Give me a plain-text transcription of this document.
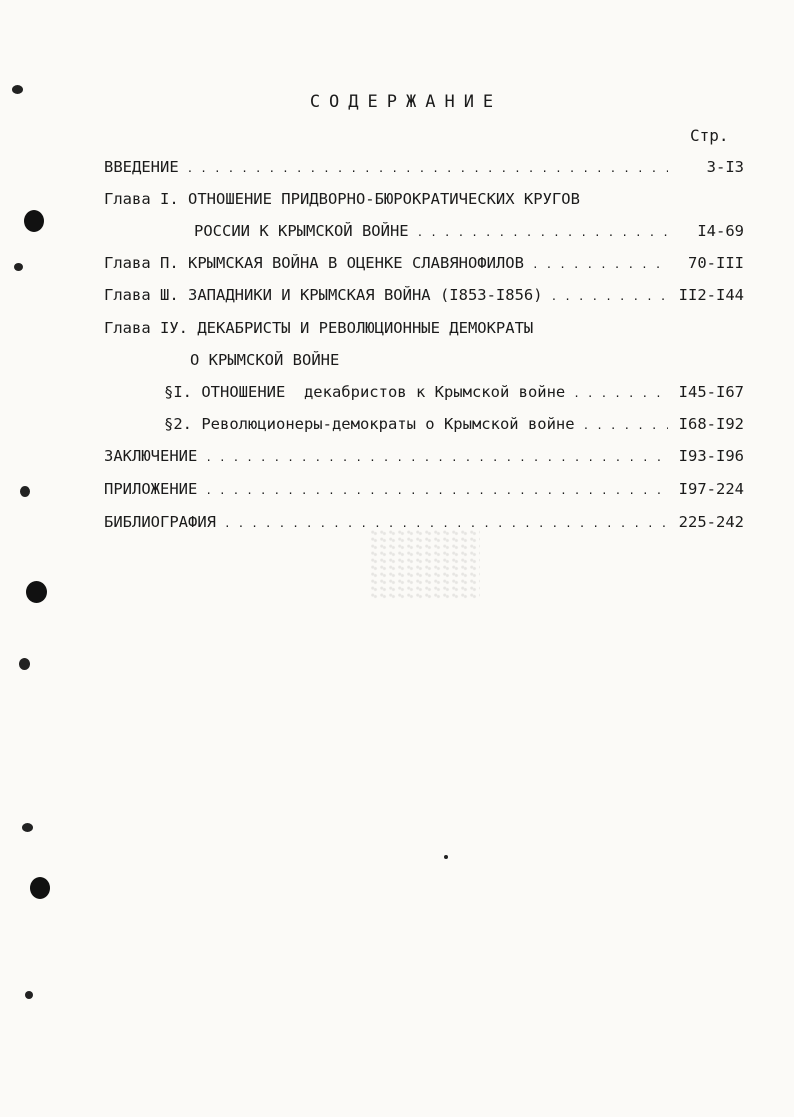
СОДЕРЖАНИЕ
Стр.
ВВЕДЕНИЕ . . .	3-I3
Глава I. ОТНОШЕНИЕ ПРИДВОРНО-БЮРОКРАТИЧЕСКИХ КРУГОВ
РОССИИ К КРЫМСКОЙ ВОЙНЕ . . .	I4-69
Глава П. КРЫМСКАЯ ВОЙНА В ОЦЕНКЕ СЛАВЯНОФИЛОВ . . .	70-III
Глава Ш. ЗАПАДНИКИ И КРЫМСКАЯ ВОЙНА (I853-I856) . . .	II2-I44
Глава IУ. ДЕКАБРИСТЫ И РЕВОЛЮЦИОННЫЕ ДЕМОКРАТЫ
О КРЫМСКОЙ ВОЙНЕ
§I. ОТНОШЕНИЕ  декабристов к Крымской войне . . .	I45-I67
§2. Революционеры-демократы о Крымской войне . . .	I68-I92
ЗАКЛЮЧЕНИЕ . . .	I93-I96
ПРИЛОЖЕНИЕ . . .	I97-224
БИБЛИОГРАФИЯ . . .	225-242
